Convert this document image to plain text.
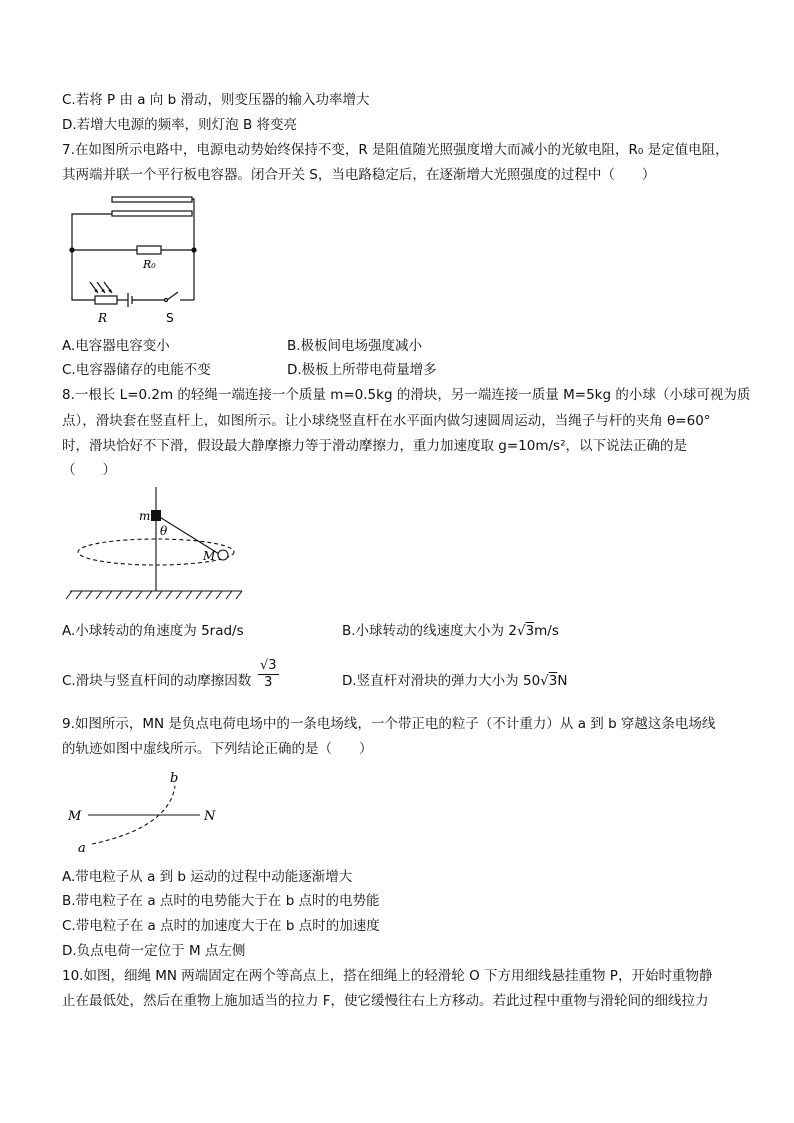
C.若将 P 由 a 向 b 滑动，则变压器的输入功率增大
D.若增大电源的频率，则灯泡 B 将变亮
7.在如图所示电路中，电源电动势始终保持不变，R 是阻值随光照强度增大而减小的光敏电阻，R₀ 是定值电阻，
其两端并联一个平行板电容器。闭合开关 S，当电路稳定后，在逐渐增大光照强度的过程中（　　）
R₀
R	S
A.电容器电容变小	B.极板间电场强度减小
C.电容器储存的电能不变	D.极板上所带电荷量增多
8.一根长 L=0.2m 的轻绳一端连接一个质量 m=0.5kg 的滑块，另一端连接一质量 M=5kg 的小球（小球可视为质
点），滑块套在竖直杆上，如图所示。让小球绕竖直杆在水平面内做匀速圆周运动，当绳子与杆的夹角 θ=60°
时，滑块恰好不下滑，假设最大静摩擦力等于滑动摩擦力，重力加速度取 g=10m/s²，以下说法正确的是
（　　）
m
θ
M
A.小球转动的角速度为 5rad/s	B.小球转动的线速度大小为 2√3m/s
C.滑块与竖直杆间的动摩擦因数 $\frac{√3}{3}$	D.竖直杆对滑块的弹力大小为 50√3N
9.如图所示，MN 是负点电荷电场中的一条电场线，一个带正电的粒子（不计重力）从 a 到 b 穿越这条电场线
的轨迹如图中虚线所示。下列结论正确的是（　　）
M	N
a
b
A.带电粒子从 a 到 b 运动的过程中动能逐渐增大
B.带电粒子在 a 点时的电势能大于在 b 点时的电势能
C.带电粒子在 a 点时的加速度大于在 b 点时的加速度
D.负点电荷一定位于 M 点左侧
10.如图，细绳 MN 两端固定在两个等高点上，搭在细绳上的轻滑轮 O 下方用细线悬挂重物 P，开始时重物静
止在最低处，然后在重物上施加适当的拉力 F，使它缓慢往右上方移动。若此过程中重物与滑轮间的细线拉力
